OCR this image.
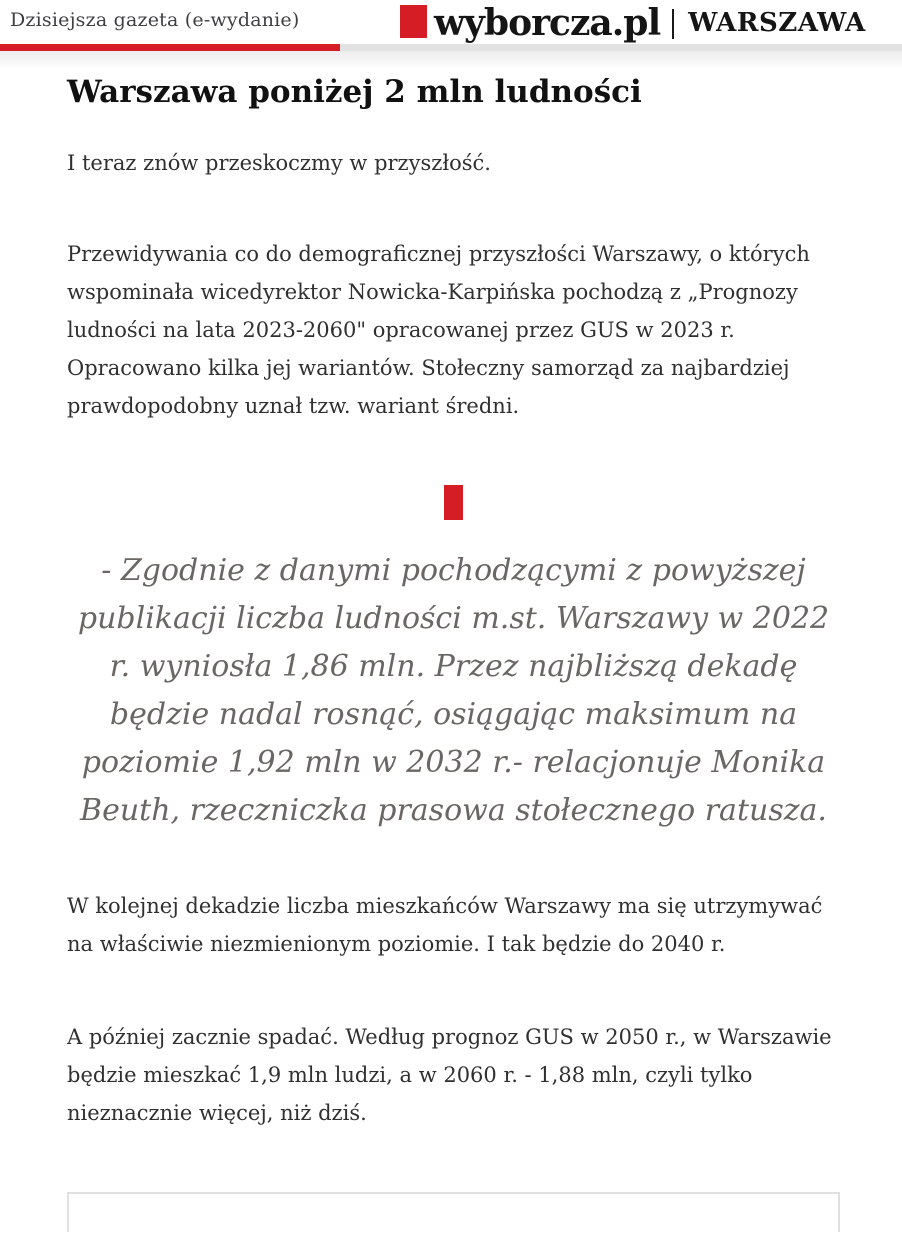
Dzisiejsza gazeta (e-wydanie)	wyborcza.pl WARSZAWA
Warszawa poniżej 2 mln ludności

I teraz znów przeskoczmy w przyszłość.

Przewidywania co do demograficznej przyszłości Warszawy, o których wspominała wicedyrektor Nowicka-Karpińska pochodzą z „Prognozy ludności na lata 2023-2060" opracowanej przez GUS w 2023 r. Opracowano kilka jej wariantów. Stołeczny samorząd za najbardziej prawdopodobny uznał tzw. wariant średni.

- Zgodnie z danymi pochodzącymi z powyższej publikacji liczba ludności m.st. Warszawy w 2022 r. wyniosła 1,86 mln. Przez najbliższą dekadę będzie nadal rosnąć, osiągając maksimum na poziomie 1,92 mln w 2032 r.- relacjonuje Monika Beuth, rzeczniczka prasowa stołecznego ratusza.

W kolejnej dekadzie liczba mieszkańców Warszawy ma się utrzymywać na właściwie niezmienionym poziomie. I tak będzie do 2040 r.

A później zacznie spadać. Według prognoz GUS w 2050 r., w Warszawie będzie mieszkać 1,9 mln ludzi, a w 2060 r. - 1,88 mln, czyli tylko nieznacznie więcej, niż dziś.
